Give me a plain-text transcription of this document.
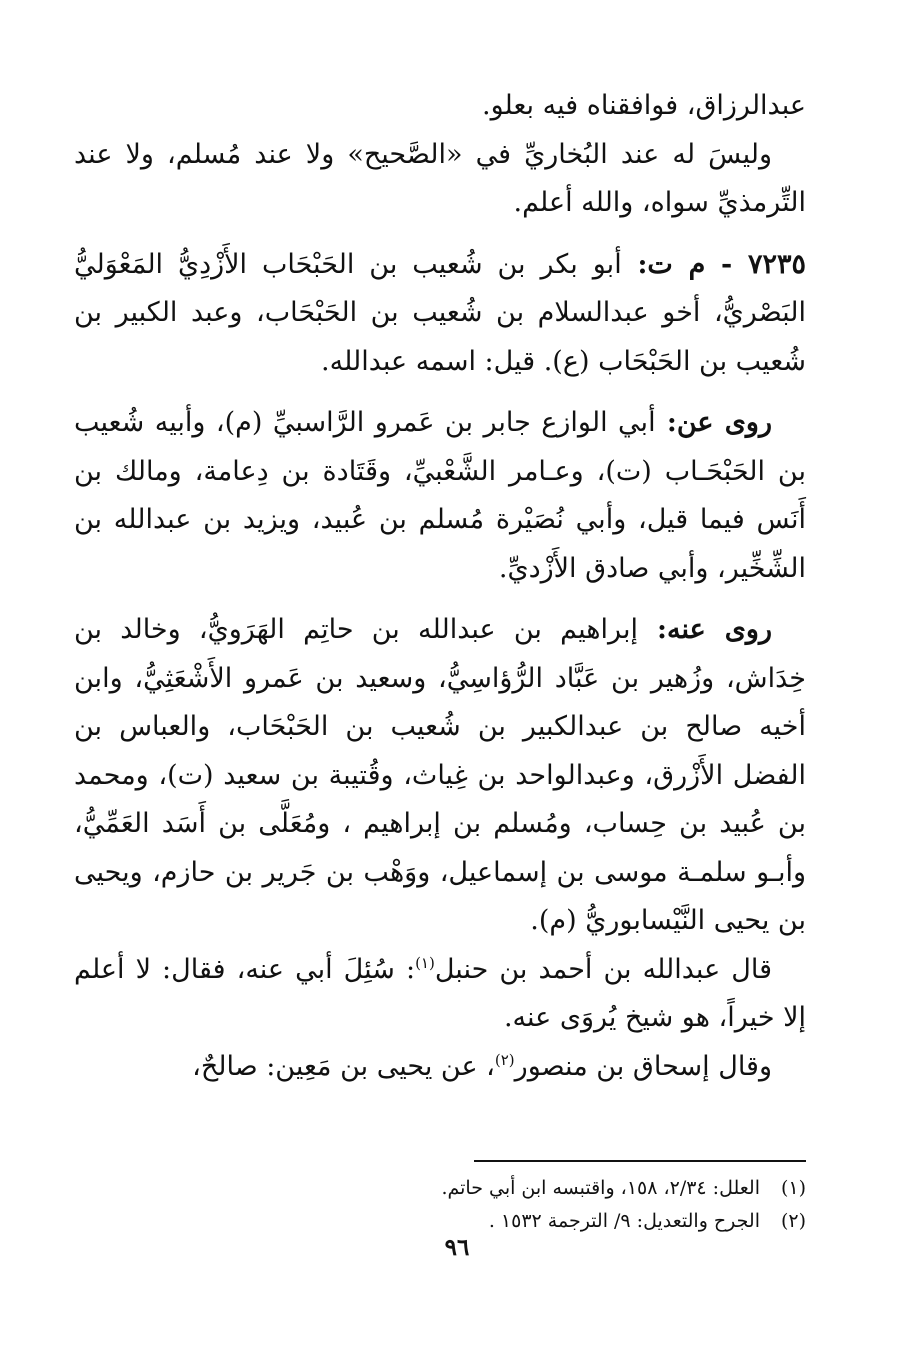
عبدالرزاق، فوافقناه فيه بعلو.

وليسَ له عند البُخاريِّ في «الصَّحيح» ولا عند مُسلم، ولا عند التِّرمذيِّ سواه، والله أعلم.

٧٢٣٥ - م ت: أبو بكر بن شُعيب بن الحَبْحَاب الأَزْدِيُّ المَعْوَليُّ البَصْريُّ، أخو عبدالسلام بن شُعيب بن الحَبْحَاب، وعبد الكبير بن شُعيب بن الحَبْحَاب (ع). قيل: اسمه عبدالله.

روى عن: أبي الوازع جابر بن عَمرو الرَّاسبيِّ (م)، وأبيه شُعيب بن الحَبْحَـاب (ت)، وعـامر الشَّعْبيِّ، وقَتَادة بن دِعامة، ومالك بن أَنَس فيما قيل، وأبي نُصَيْرة مُسلم بن عُبيد، ويزيد بن عبدالله بن الشِّخِّير، وأبي صادق الأَزْديِّ.

روى عنه: إبراهيم بن عبدالله بن حاتِم الهَرَويُّ، وخالد بن خِدَاش، وزُهير بن عَبَّاد الرُّؤاسِيُّ، وسعيد بن عَمرو الأَشْعَثِيُّ، وابن أخيه صالح بن عبدالكبير بن شُعيب بن الحَبْحَاب، والعباس بن الفضل الأَزْرق، وعبدالواحد بن غِياث، وقُتيبة بن سعيد (ت)، ومحمد بن عُبيد بن حِساب، ومُسلم بن إبراهيم ، ومُعَلَّى بن أَسَد العَمِّيُّ، وأبـو سلمـة موسى بن إسماعيل، ووَهْب بن جَرير بن حازم، ويحيى بن يحيى النَّيْسابوريُّ (م).

قال عبدالله بن أحمد بن حنبل$^{(١)}$: سُئِلَ أبي عنه، فقال: لا أعلم إلا خيراً، هو شيخ يُروَى عنه.

وقال إسحاق بن منصور$^{(٢)}$، عن يحيى بن مَعِين: صالحٌ،

(١)العلل: ٢/٣٤، ١٥٨، واقتبسه ابن أبي حاتم.

(٢)الجرح والتعديل: ٩/ الترجمة ١٥٣٢ .

٩٦
